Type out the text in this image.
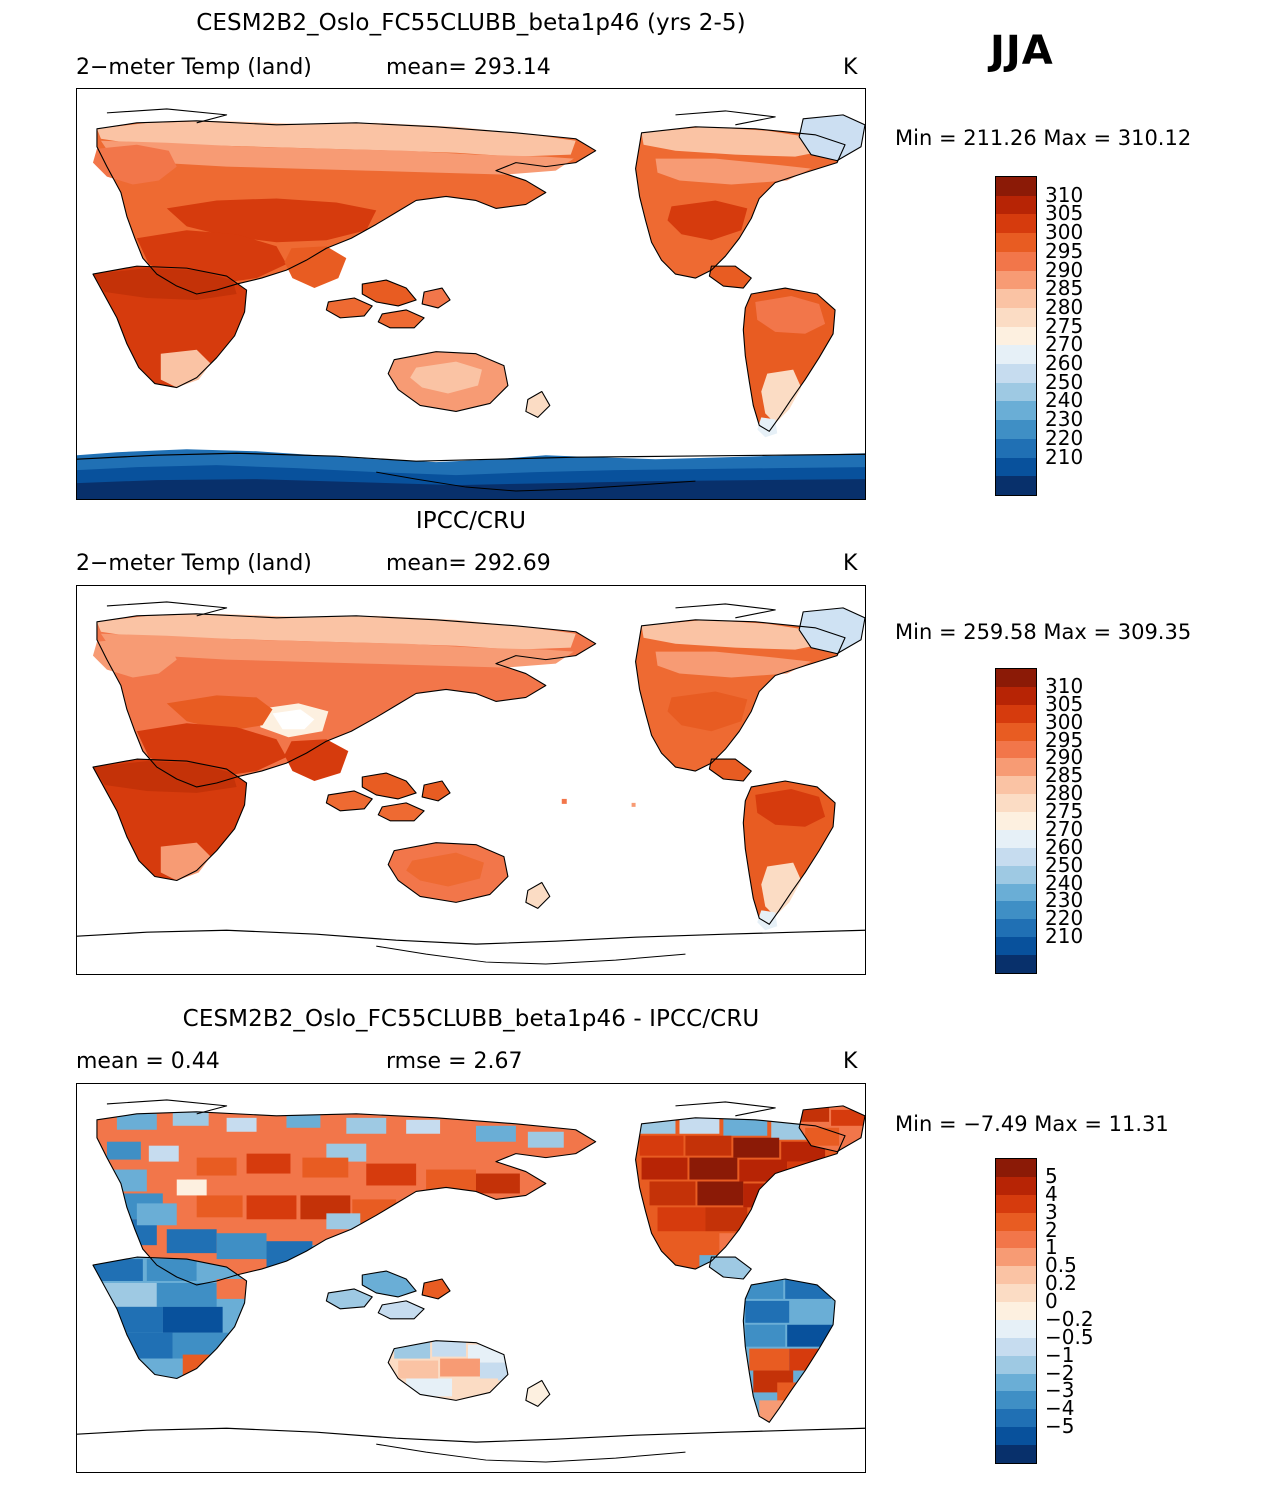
JJA
CESM2B2_Oslo_FC55CLUBB_beta1p46 (yrs 2-5)
2−meter Temp (land)	mean= 293.14	K
Min = 211.26 Max = 310.12
310
305
300
295
290
285
280
275
270
260
250
240
230
220
210
IPCC/CRU
2−meter Temp (land)	mean= 292.69	K
Min = 259.58 Max = 309.35
310
305
300
295
290
285
280
275
270
260
250
240
230
220
210
CESM2B2_Oslo_FC55CLUBB_beta1p46 - IPCC/CRU
mean = 0.44	rmse = 2.67	K
Min = −7.49 Max = 11.31
5
4
3
2
1
0.5
0.2
0
−0.2
−0.5
−1
−2
−3
−4
−5
